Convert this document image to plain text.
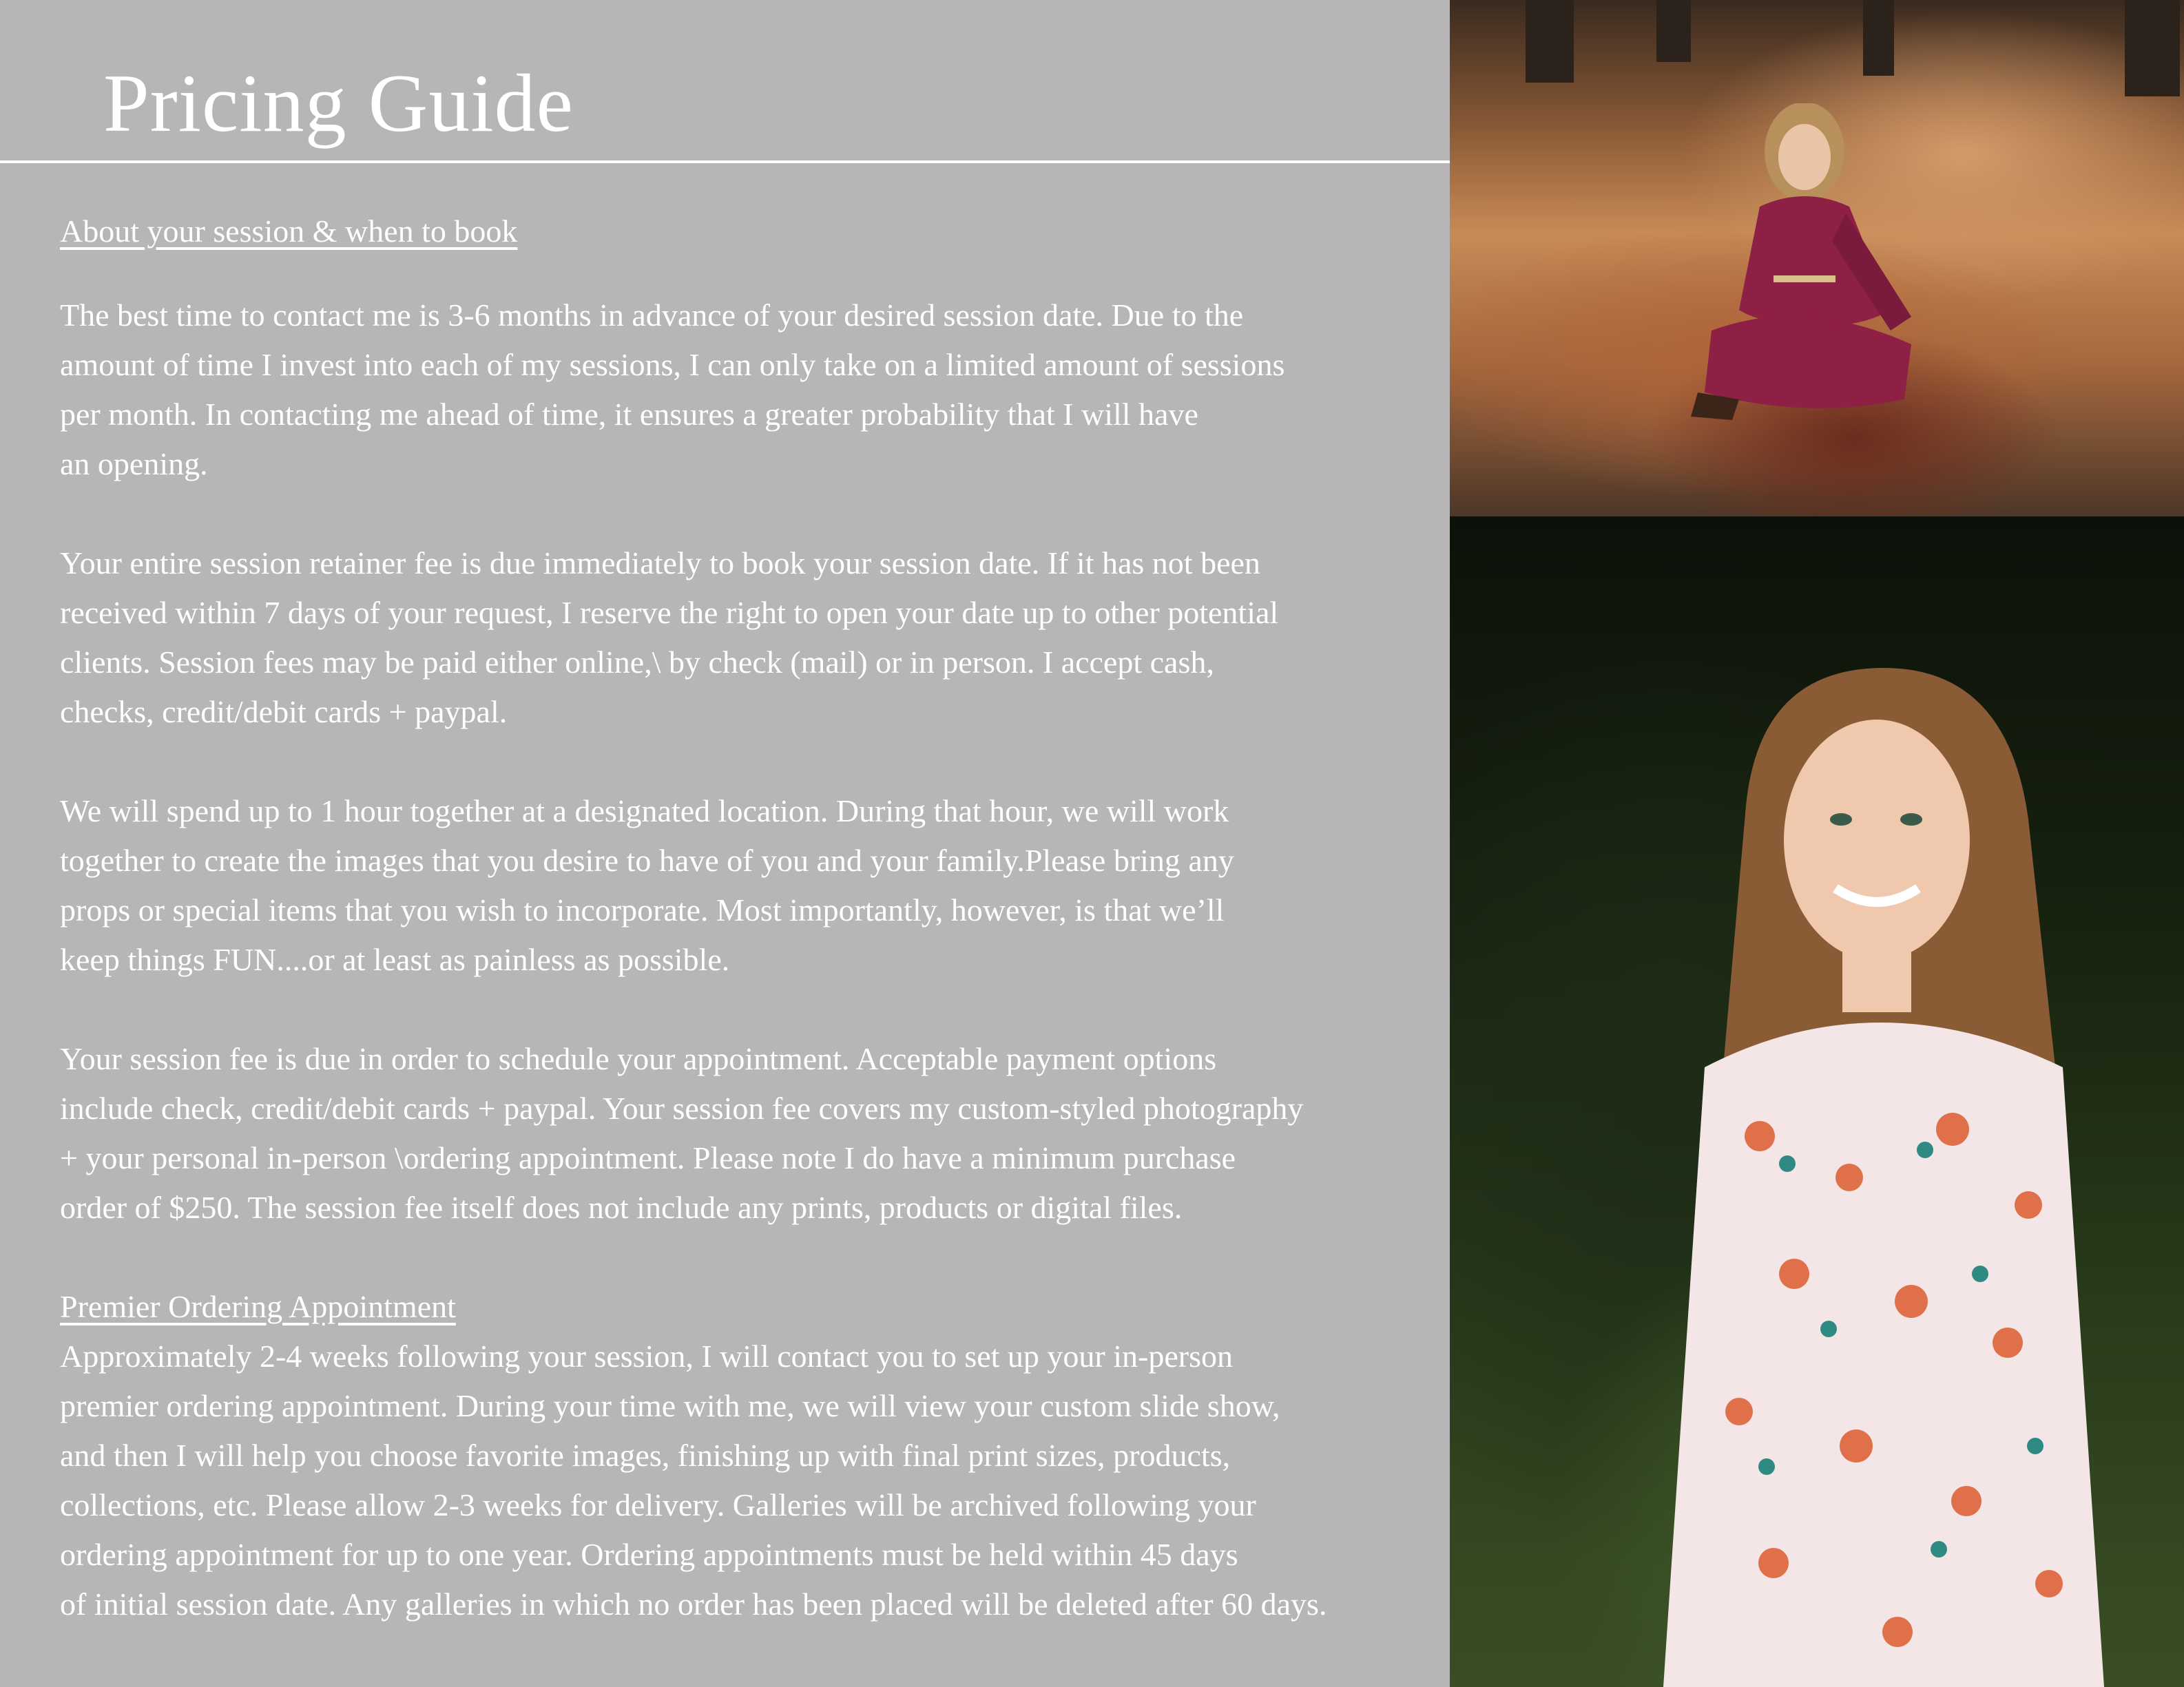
Pricing Guide

About your session & when to book

The best time to contact me is 3-6 months in advance of your desired session date. Due to the
amount of time I invest into each of my sessions, I can only take on a limited amount of sessions
per month. In contacting me ahead of time, it ensures a greater probability that I will have
an opening.

Your entire session retainer fee is due immediately to book your session date. If it has not been
received within 7 days of your request, I reserve the right to open your date up to other potential
clients. Session fees may be paid either online,\ by check (mail) or in person. I accept cash,
checks, credit/debit cards + paypal.

We will spend up to 1 hour together at a designated location. During that hour, we will work
together to create the images that you desire to have of you and your family.Please bring any
props or special items that you wish to incorporate. Most importantly, however, is that we’ll
keep things FUN....or at least as painless as possible.

Your session fee is due in order to schedule your appointment. Acceptable payment options
include check, credit/debit cards + paypal. Your session fee covers my custom-styled photography
+ your personal in-person \ordering appointment. Please note I do have a minimum purchase
order of $250. The session fee itself does not include any prints, products or digital files.

Premier Ordering Appointment

Approximately 2-4 weeks following your session, I will contact you to set up your in-person
premier ordering appointment. During your time with me, we will view your custom slide show,
and then I will help you choose favorite images, finishing up with final print sizes, products,
collections, etc. Please allow 2-3 weeks for delivery. Galleries will be archived following your
ordering appointment for up to one year. Ordering appointments must be held within 45 days
of initial session date. Any galleries in which no order has been placed will be deleted after 60 days.
